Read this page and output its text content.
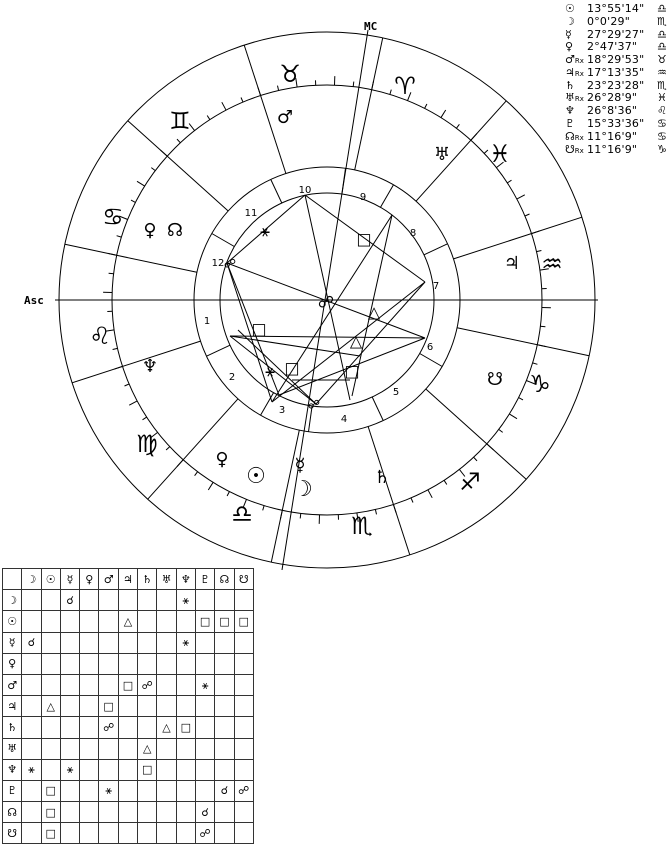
MC
Asc
1
2
3
4
5
6
7
8
9
10
11
12
♉	♈
♓
♒
♑
♐
♏
♎
♍
♌
♋
♊	♂
♅
♃
☋
♄
☽
☿
☉
♀
♆
♀ ☊	⚹	□
☍
△
□
△
⚹ □	□
☍
☍
☉	13°55'14"	♎
☽	0°0'29"	♏
☿	27°29'27"	♎
♀	2°47'37"	♎
♂Rx 18°29'53"	♉
♃Rx 17°13'35"	♒
♄	23°23'28"	♏
♅Rx 26°28'9"	♓
♆	26°8'36"	♌
♇	15°33'36"	♋
☊Rx 11°16'9"	♋
☋Rx 11°16'9"	♑
	☽	☉	☿	♀	♂	♃	♄	♅	♆	♇	☊	☋
☽			☌						⚹			
☉						△				□	□	□
☿	☌								⚹			
♀												
♂						□	☍			⚹		
♃		△			□							
♄					☍			△	□			
♅							△					
♆	⚹		⚹				□					
♇		□			⚹						☌	☍
☊		□								☌		
☋		□								☍		
